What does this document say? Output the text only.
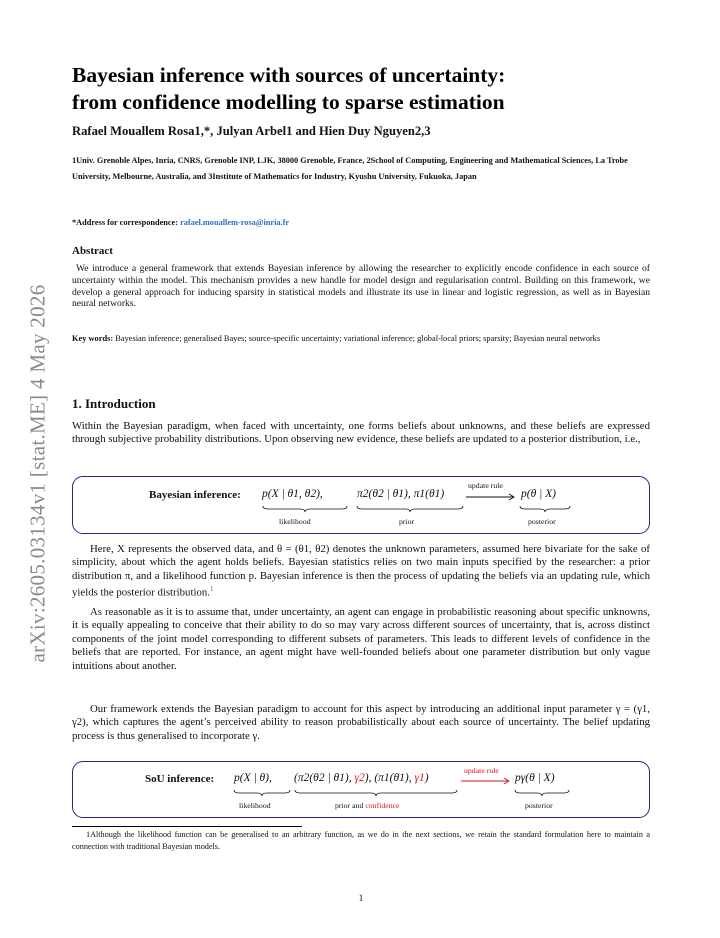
arXiv:2605.03134v1 [stat.ME] 4 May 2026
Bayesian inference with sources of uncertainty:
from confidence modelling to sparse estimation
Rafael Mouallem Rosa1,*, Julyan Arbel1 and Hien Duy Nguyen2,3
1Univ. Grenoble Alpes, Inria, CNRS, Grenoble INP, LJK, 38000 Grenoble, France, 2School of Computing, Engineering and Mathematical Sciences, La Trobe University, Melbourne, Australia, and 3Institute of Mathematics for Industry, Kyushu University, Fukuoka, Japan
*Address for correspondence: rafael.mouallem-rosa@inria.fr
Abstract
We introduce a general framework that extends Bayesian inference by allowing the researcher to explicitly encode confidence in each source of uncertainty within the model. This mechanism provides a new handle for model design and regularisation control. Building on this framework, we develop a general approach for inducing sparsity in statistical models and illustrate its use in linear and logistic regression, as well as in Bayesian neural networks.
Key words: Bayesian inference; generalised Bayes; source-specific uncertainty; variational inference; global-local priors; sparsity; Bayesian neural networks
1. Introduction
Within the Bayesian paradigm, when faced with uncertainty, one forms beliefs about unknowns, and these beliefs are expressed through subjective probability distributions. Upon observing new evidence, these beliefs are updated to a posterior distribution, i.e.,
Bayesian inference: p(X | θ1, θ2),	π2(θ2 | θ1), π1(θ1)
update rule
p(θ | X)
likelihood	prior	posterior
Here, X represents the observed data, and θ = (θ1, θ2) denotes the unknown parameters, assumed here bivariate for the sake of simplicity, about which the agent holds beliefs. Bayesian statistics relies on two main inputs specified by the researcher: a prior distribution π, and a likelihood function p. Bayesian inference is then the process of updating the beliefs via an updating rule, which yields the posterior distribution.$^1$
As reasonable as it is to assume that, under uncertainty, an agent can engage in probabilistic reasoning about specific unknowns, it is equally appealing to conceive that their ability to do so may vary across different sources of uncertainty, that is, across distinct components of the joint model corresponding to different subsets of parameters. This leads to different levels of confidence in the beliefs that are reported. For instance, an agent might have well-founded beliefs about one parameter distribution but only vague intuitions about another.
Our framework extends the Bayesian paradigm to account for this aspect by introducing an additional input parameter γ = (γ1, γ2), which captures the agent’s perceived ability to reason probabilistically about each source of uncertainty. The belief updating process is thus generalised to incorporate γ.
SoU inference: p(X | θ), (π2(θ2 | θ1), γ2), (π1(θ1), γ1)
update rule
pγ(θ | X)
likelihood	prior and confidence	posterior
1Although the likelihood function can be generalised to an arbitrary function, as we do in the next sections, we retain the standard formulation here to maintain a connection with traditional Bayesian models.
1
